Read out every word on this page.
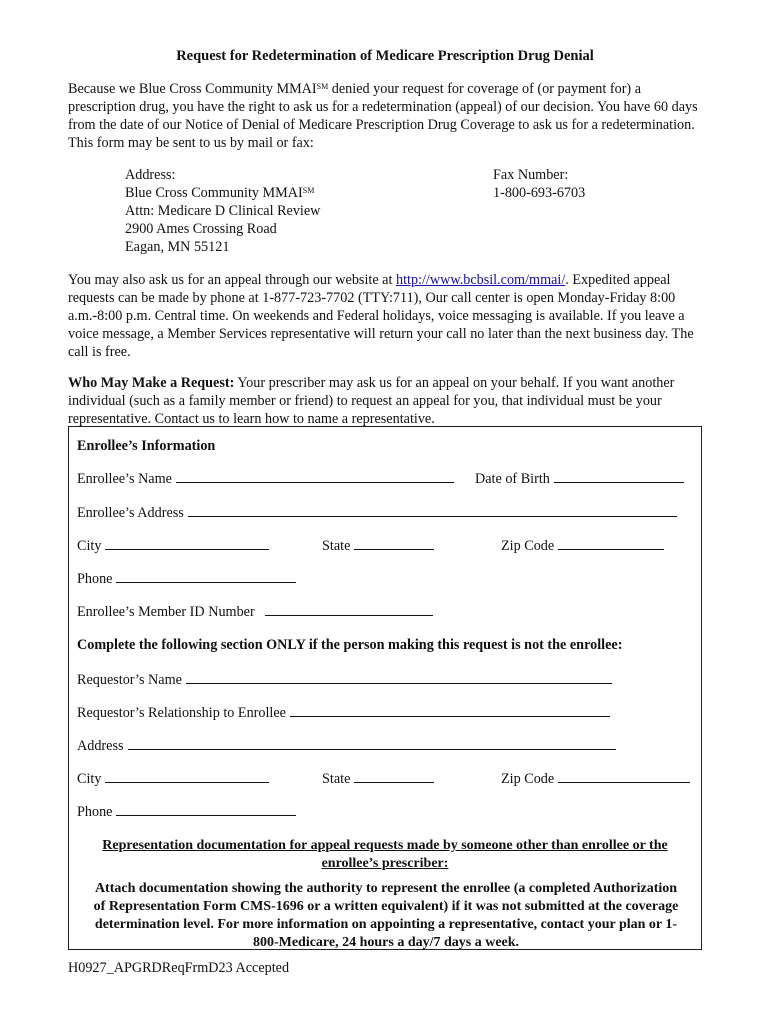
Request for Redetermination of Medicare Prescription Drug Denial
Because we Blue Cross Community MMAI℠ denied your request for coverage of (or payment for) a prescription drug, you have the right to ask us for a redetermination (appeal) of our decision. You have 60 days from the date of our Notice of Denial of Medicare Prescription Drug Coverage to ask us for a redetermination. This form may be sent to us by mail or fax:
Address:
Blue Cross Community MMAI℠
Attn: Medicare D Clinical Review
2900 Ames Crossing Road
Eagan, MN 55121
Fax Number:
1-800-693-6703
You may also ask us for an appeal through our website at http://www.bcbsil.com/mmai/. Expedited appeal requests can be made by phone at 1-877-723-7702 (TTY:711), Our call center is open Monday-Friday 8:00 a.m.-8:00 p.m. Central time. On weekends and Federal holidays, voice messaging is available. If you leave a voice message, a Member Services representative will return your call no later than the next business day. The call is free.
Who May Make a Request: Your prescriber may ask us for an appeal on your behalf. If you want another individual (such as a family member or friend) to request an appeal for you, that individual must be your representative. Contact us to learn how to name a representative.
Enrollee’s Information
Enrollee’s Name	Date of Birth
Enrollee’s Address
City	State	Zip Code
Phone
Enrollee’s Member ID Number
Complete the following section ONLY if the person making this request is not the enrollee:
Requestor’s Name
Requestor’s Relationship to Enrollee
Address
City	State	Zip Code
Phone
Representation documentation for appeal requests made by someone other than enrollee or the enrollee’s prescriber:
Attach documentation showing the authority to represent the enrollee (a completed Authorization of Representation Form CMS-1696 or a written equivalent) if it was not submitted at the coverage determination level. For more information on appointing a representative, contact your plan or 1-800-Medicare, 24 hours a day/7 days a week.
H0927_APGRDReqFrmD23 Accepted
